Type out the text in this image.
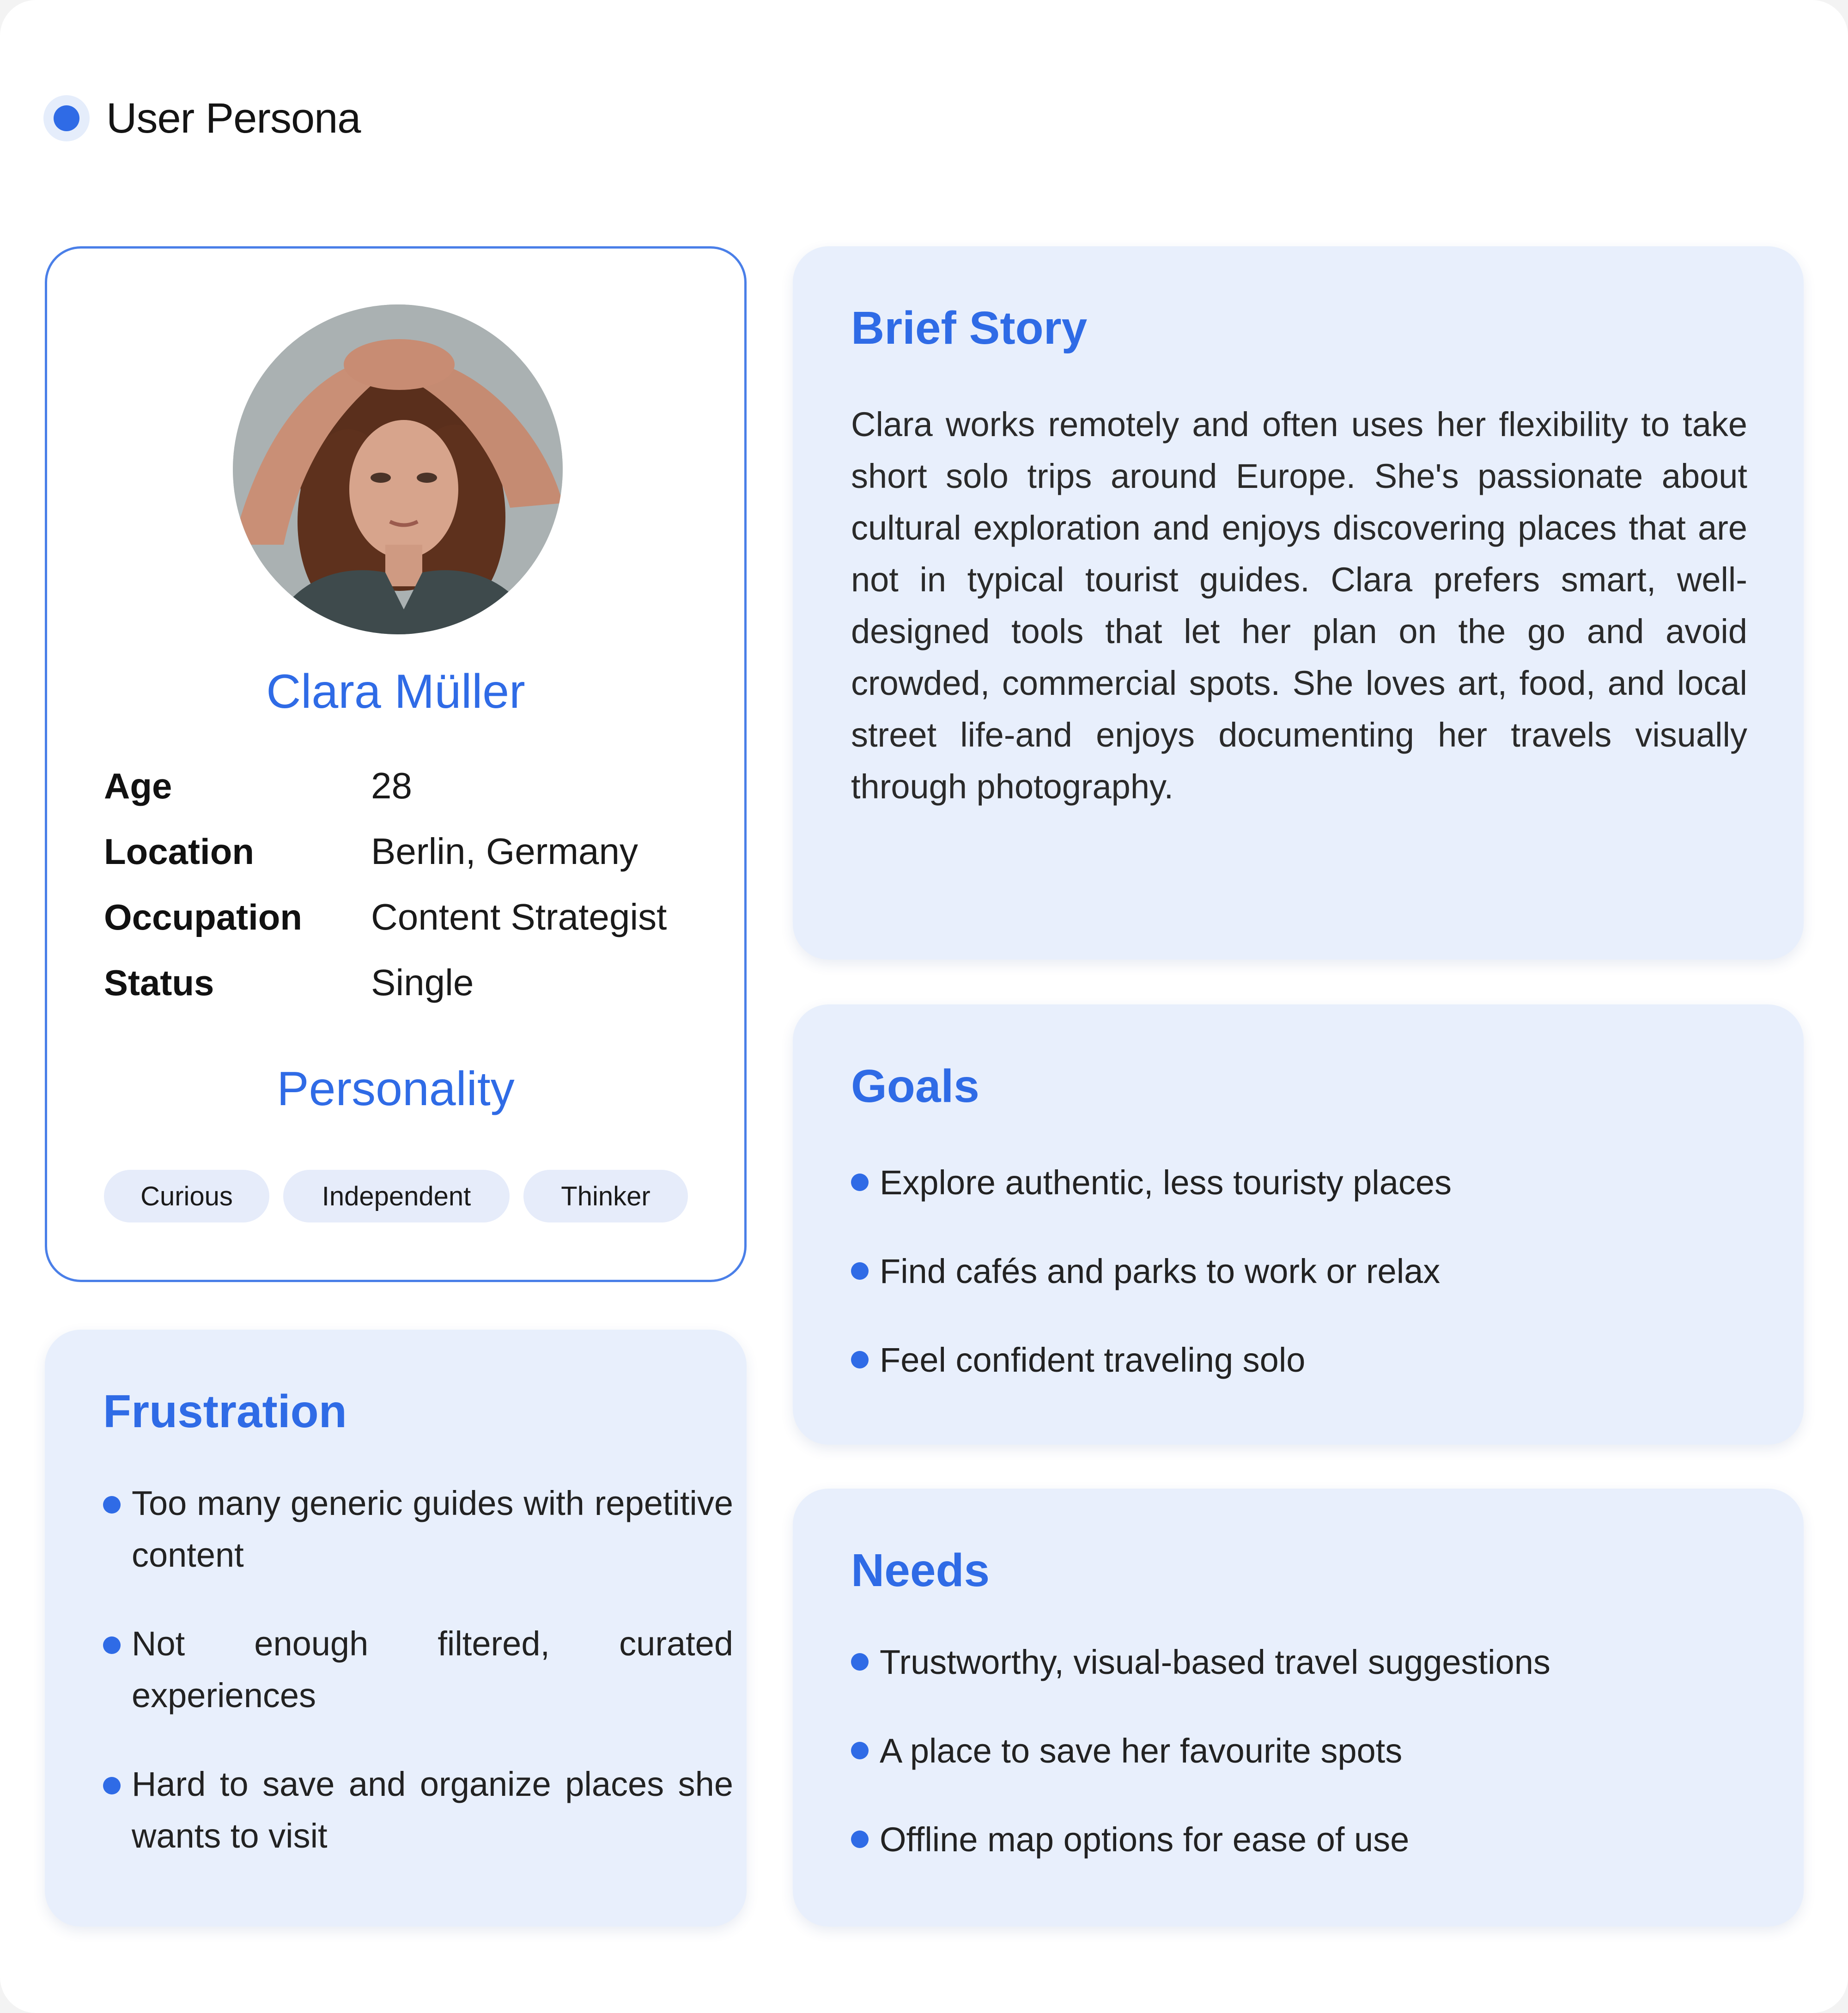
User Persona
Clara Müller
Age	28
Location	Berlin, Germany
Occupation	Content Strategist
Status	Single
Personality
Curious	Independent	Thinker
Brief Story

Clara works remotely and often uses her flexibility to take short solo trips around Europe. She's passionate about cultural exploration and enjoys discovering places that are not in typical tourist guides. Clara prefers smart, well-designed tools that let her plan on the go and avoid crowded, commercial spots. She loves art, food, and local street life-and enjoys documenting her travels visually through photography.

Goals
Explore authentic, less touristy places
Find cafés and parks to work or relax
Feel confident traveling solo
Needs
Trustworthy, visual-based travel suggestions
A place to save her favourite spots
Offline map options for ease of use
Frustration
Too many generic guides with repetitive content
Not enough filtered, curated experiences
Hard to save and organize places she wants to visit
